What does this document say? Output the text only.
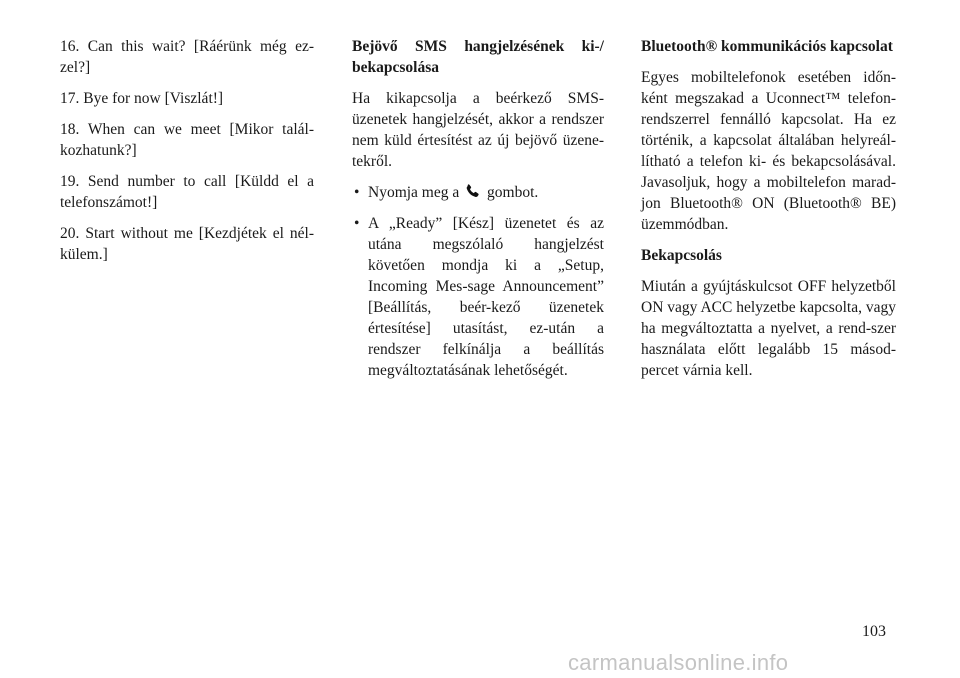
16. Can this wait? [Ráérünk még ez-zel?]

17. Bye for now [Viszlát!]

18. When can we meet [Mikor talál-kozhatunk?]

19. Send number to call [Küldd el a telefonszámot!]

20. Start without me [Kezdjétek el nél-külem.]

Bejövő SMS hangjelzésének ki-/ bekapcsolása

Ha kikapcsolja a beérkező SMS-üzenetek hangjelzését, akkor a rendszer nem küld értesítést az új bejövő üzene-tekről.

• Nyomja meg a gombot.
• A „Ready” [Kész] üzenetet és az utána megszólaló hangjelzést követően mondja ki a „Setup, Incoming Mes-sage Announcement” [Beállítás, beér-kező üzenetek értesítése] utasítást, ez-után a rendszer felkínálja a beállítás megváltoztatásának lehetőségét.
Bluetooth® kommunikációs kapcsolat

Egyes mobiltelefonok esetében időn-ként megszakad a Uconnect™ telefon-rendszerrel fennálló kapcsolat. Ha ez történik, a kapcsolat általában helyreál-lítható a telefon ki- és bekapcsolásával. Javasoljuk, hogy a mobiltelefon marad-jon Bluetooth® ON (Bluetooth® BE) üzemmódban.

Bekapcsolás

Miután a gyújtáskulcsot OFF helyzetből ON vagy ACC helyzetbe kapcsolta, vagy ha megváltoztatta a nyelvet, a rend-szer használata előtt legalább 15 másod-percet várnia kell.

103
carmanualsonline.info
